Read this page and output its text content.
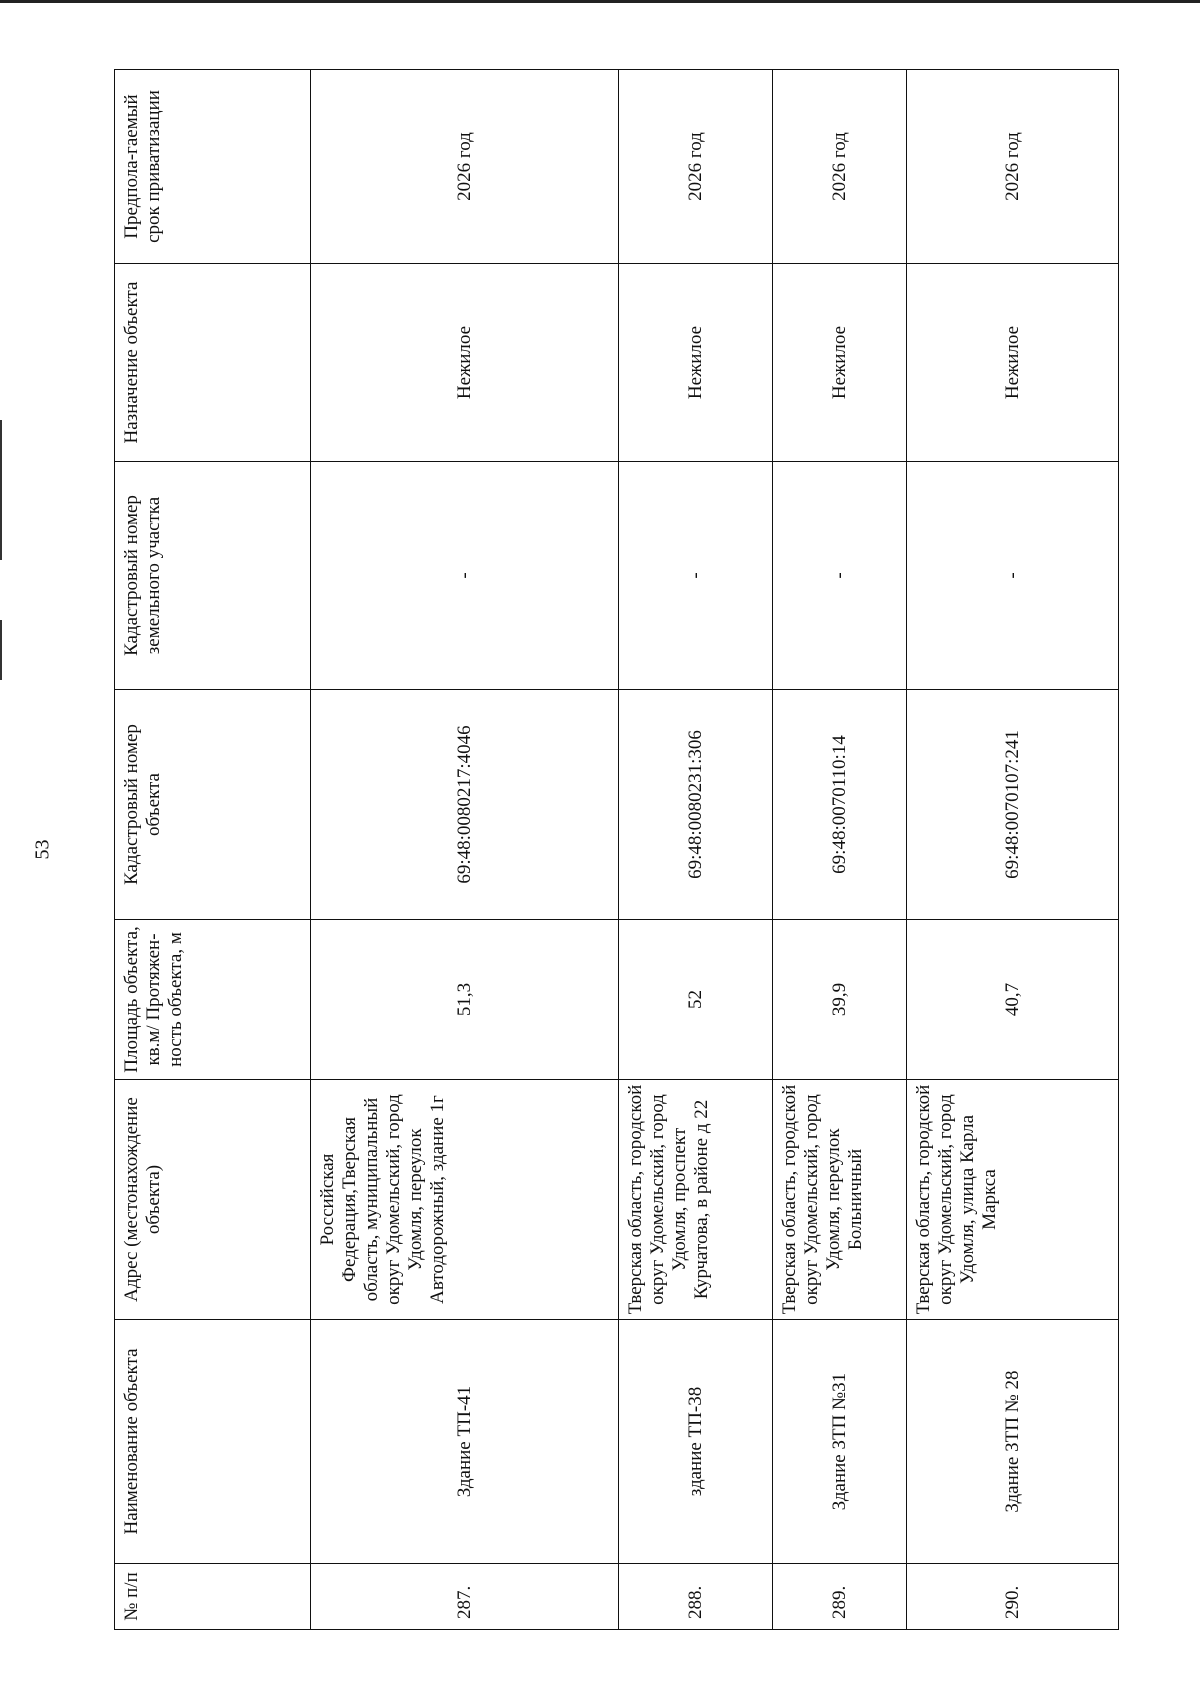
53
№ п/п	Наименование объекта	Адрес (местонахождение объекта)	Площадь объекта, кв.м/ Протяжен-ность объекта, м	Кадастровый номер объекта	Кадастровый номер земельного участка	Назначение объекта	Предпола-гаемый срок приватизации
287.	Здание ТП-41	Российская Федерация,Тверская область, муниципальный округ Удомельский, город Удомля, переулок Автодорожный, здание 1г	51,3	69:48:0080217:4046	-	Нежилое	2026 год
288.	здание ТП-38	Тверская область, городской округ Удомельский, город Удомля, проспект Курчатова, в районе д 22	52	69:48:0080231:306	-	Нежилое	2026 год
289.	Здание ЗТП №31	Тверская область, городской округ Удомельский, город Удомля, переулок Больничный	39,9	69:48:0070110:14	-	Нежилое	2026 год
290.	Здание ЗТП № 28	Тверская область, городской округ Удомельский, город Удомля, улица Карла Маркса	40,7	69:48:0070107:241	-	Нежилое	2026 год
